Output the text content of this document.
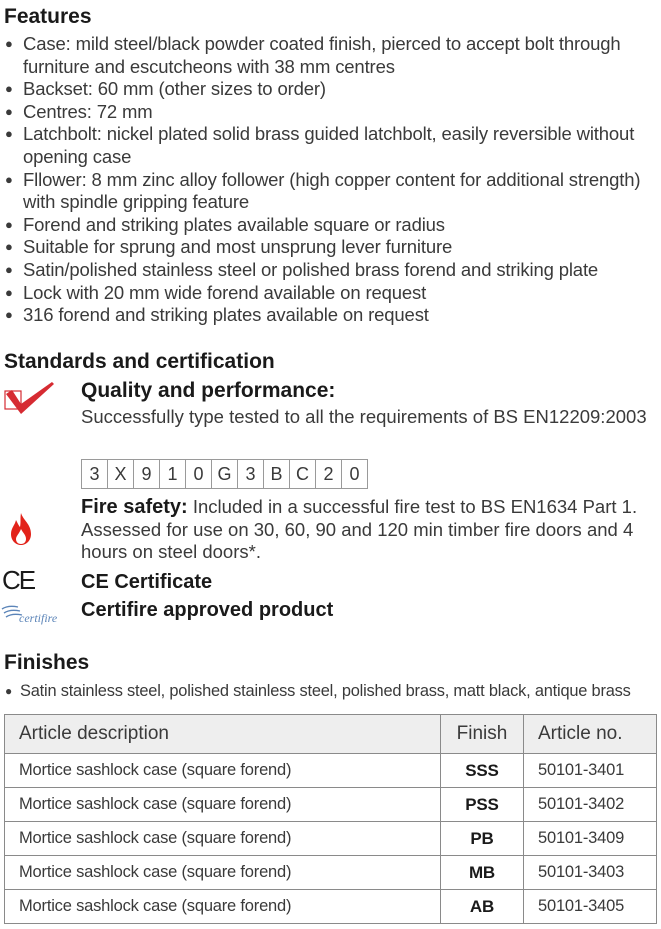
Features
● Case: mild steel/black powder coated finish, pierced to accept bolt through furniture and escutcheons with 38 mm centres
● Backset: 60 mm (other sizes to order)
● Centres: 72 mm
● Latchbolt: nickel plated solid brass guided latchbolt, easily reversible without opening case
● Fllower: 8 mm zinc alloy follower (high copper content for additional strength) with spindle gripping feature
● Forend and striking plates available square or radius
● Suitable for sprung and most unsprung lever furniture
● Satin/polished stainless steel or polished brass forend and striking plate
● Lock with 20 mm wide forend available on request
● 316 forend and striking plates available on request
Standards and certification
Quality and performance:
Successfully type tested to all the requirements of BS EN12209:2003
3 X 9 1 0 G 3 B C 2 0
Fire safety: Included in a successful fire test to BS EN1634 Part 1. Assessed for use on 30, 60, 90 and 120 min timber fire doors and 4 hours on steel doors*.
CE CE Certificate
certifire Certifire approved product
Finishes
● Satin stainless steel, polished stainless steel, polished brass, matt black, antique brass
Article description	Finish	Article no.
Mortice sashlock case (square forend)	SSS	50101-3401
Mortice sashlock case (square forend)	PSS	50101-3402
Mortice sashlock case (square forend)	PB	50101-3409
Mortice sashlock case (square forend)	MB	50101-3403
Mortice sashlock case (square forend)	AB	50101-3405
